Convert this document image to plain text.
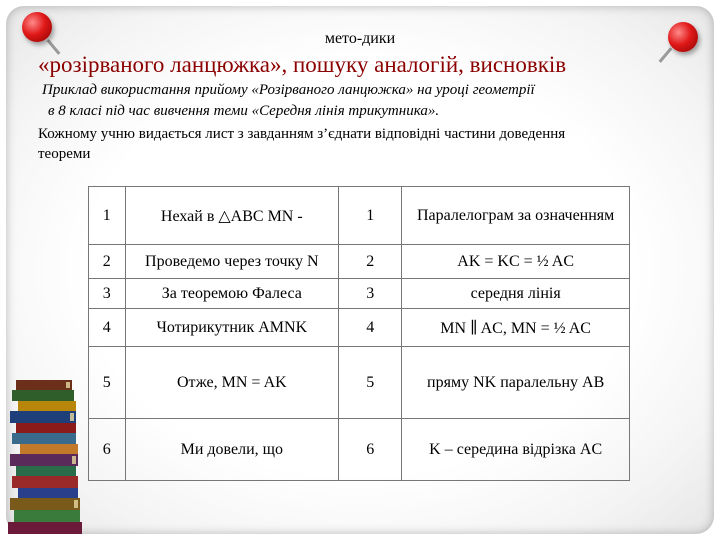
мето-дики
«розірваного ланцюжка», пошуку аналогій, висновків
Приклад використання прийому «Розірваного ланцюжка» на уроці геометрії
в 8 класі під час вивчення теми «Середня лінія трикутника».
Кожному учню видається лист з завданням з’єднати відповідні частини доведення
теореми
1	Нехай в △ABC MN -	1	Паралелограм за означенням
2	Проведемо через точку N	2	AK = KC = ½ AC
3	За теоремою Фалеса	3	середня лінія
4	Чотирикутник AMNK	4	MN ∥ AC, MN = ½ AC
5	Отже, MN = AK	5	пряму NK паралельну AB
6	Ми довели, що	6	K – середина відрізка AC
